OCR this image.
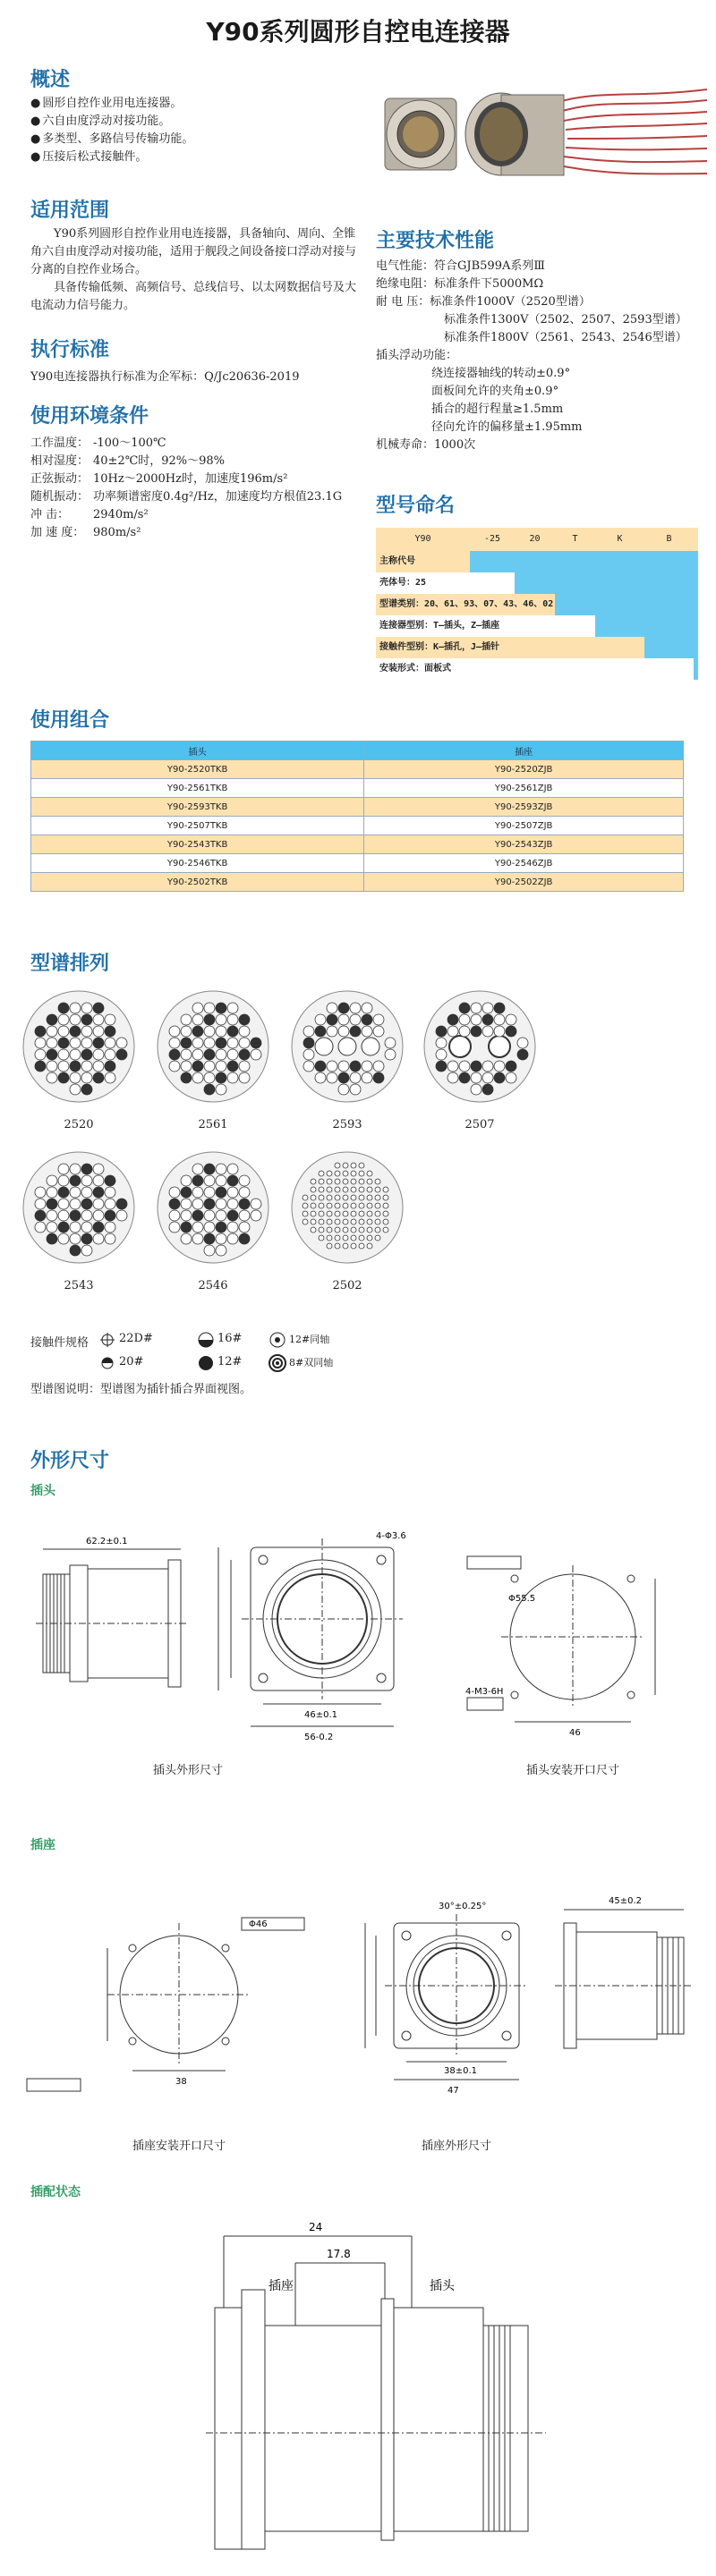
Y90系列圆形自控电连接器
概述
● 圆形自控作业用电连接器。
● 六自由度浮动对接功能。
● 多类型、多路信号传输功能。
● 压接后松式接触件。
适用范围
Y90系列圆形自控作业用电连接器，具备轴向、周向、全锥角六自由度浮动对接功能，适用于舰段之间设备接口浮动对接与分离的自控作业场合。
具备传输低频、高频信号、总线信号、以太网数据信号及大电流动力信号能力。
执行标准
Y90电连接器执行标准为企军标：Q/Jc20636-2019
使用环境条件
工作温度： -100～100℃
相对湿度： 40±2℃时，92%～98%
正弦振动： 10Hz～2000Hz时，加速度196m/s²
随机振动： 功率频谱密度0.4g²/Hz，加速度均方根值23.1G
冲 击：	2940m/s²
加 速 度： 980m/s²
主要技术性能
电气性能：符合GJB599A系列Ⅲ
绝缘电阻：标准条件下5000MΩ
耐 电 压：标准条件1000V（2520型谱）
标准条件1300V（2502、2507、2593型谱）
标准条件1800V（2561、2543、2546型谱）
插头浮动功能：
绕连接器轴线的转动±0.9°
面板间允许的夹角±0.9°
插合的超行程量≥1.5mm
径向允许的偏移量±1.95mm
机械寿命：1000次
型号命名
Y90	-25	20	T	K	B
主称代号
壳体号：25
型谱类别：20、61、93、07、43、46、02
连接器型别：T—插头，Z—插座
接触件型别：K—插孔，J—插针
安装形式：面板式
使用组合
插头	插座
Y90-2520TKB	Y90-2520ZJB
Y90-2561TKB	Y90-2561ZJB
Y90-2593TKB	Y90-2593ZJB
Y90-2507TKB	Y90-2507ZJB
Y90-2543TKB	Y90-2543ZJB
Y90-2546TKB	Y90-2546ZJB
Y90-2502TKB	Y90-2502ZJB
型谱排列
2520	2561	2593	2507
2543	2546	2502
接触件规格	22D#	16#	12#同轴
20#	12#	8#双同轴
型谱图说明：型谱图为插针插合界面视图。
外形尺寸
插头
62.2±0.1
46±0.1
56-0.2
4-Φ3.6
Φ55.5
46
4-M3-6H
插头外形尺寸	插头安装开口尺寸
插座
38
Φ46
30°±0.25°
38±0.1
47
45±0.2
插座安装开口尺寸	插座外形尺寸
插配状态
24
17.8
插座	插头
